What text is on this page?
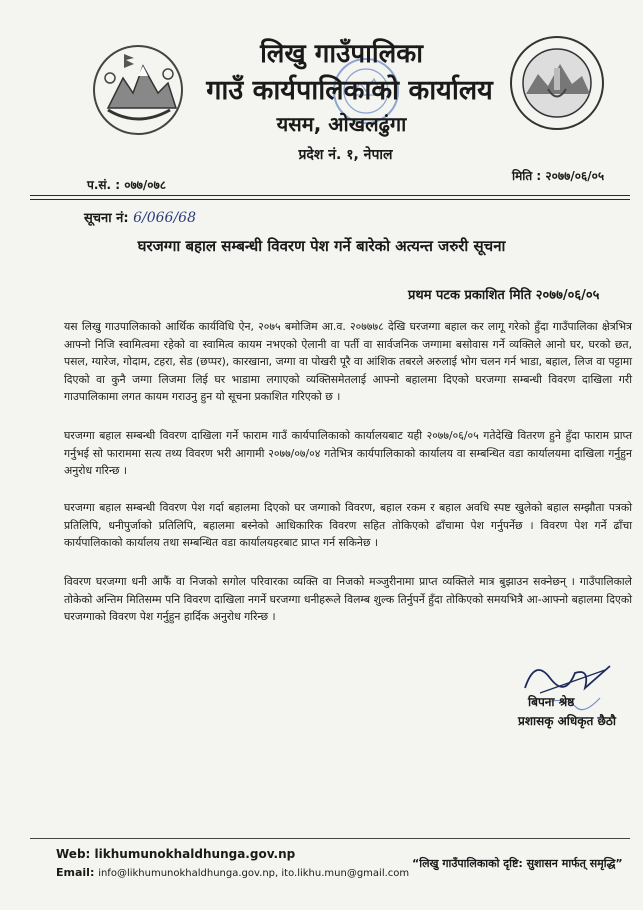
लिखु गाउँपालिका
गाउँ कार्यपालिकाको कार्यालय
यसम, ओखलढुंगा
प्रदेश नं. १, नेपाल
प.सं. : ०७७/०७८
मिति : २०७७/०६/०५
सूचना नं: 6/066/68
घरजग्गा बहाल सम्बन्धी विवरण पेश गर्ने बारेको अत्यन्त जरुरी सूचना
प्रथम पटक प्रकाशित मिति २०७७/०६/०५
यस लिखु गाउपालिकाको आर्थिक कार्यविधि ऐन, २०७५ बमोजिम आ.व. २०७७७८ देखि घरजग्गा बहाल कर लागू गरेको हुँदा गाउँपालिका क्षेत्रभित्र आफ्नो निजि स्वामित्वमा रहेको वा स्वामित्व कायम नभएको ऐलानी वा पर्ती वा सार्वजनिक जग्गामा बसोवास गर्ने व्यक्तिले आनो घर, घरको छत, पसल, ग्यारेज, गोदाम, टहरा, सेड (छप्पर), कारखाना, जग्गा वा पोखरी पूरै वा आंशिक तबरले अरुलाई भोग चलन गर्न भाडा, बहाल, लिज वा पट्टामा दिएको वा कुनै जग्गा लिजमा लिई घर भाडामा लगाएको व्यक्तिसमेतलाई आफ्नो बहालमा दिएको घरजग्गा सम्बन्धी विवरण दाखिला गरी गाउपालिकामा लगत कायम गराउनु हुन यो सूचना प्रकाशित गरिएको छ ।
घरजग्गा बहाल सम्बन्धी विवरण दाखिला गर्ने फाराम गाउँ कार्यपालिकाको कार्यालयबाट यही २०७७/०६/०५ गतेदेखि वितरण हुने हुँदा फाराम प्राप्त गर्नुभई सो फाराममा सत्य तथ्य विवरण भरी आगामी २०७७/०७/०४ गतेभित्र कार्यपालिकाको कार्यालय वा सम्बन्धित वडा कार्यालयमा दाखिला गर्नुहुन अनुरोध गरिन्छ ।
घरजग्गा बहाल सम्बन्धी विवरण पेश गर्दा बहालमा दिएको घर जग्गाको विवरण, बहाल रकम र बहाल अवधि स्पष्ट खुलेको बहाल सम्झौता पत्रको प्रतिलिपि, धनीपुर्जाको प्रतिलिपि, बहालमा बस्नेको आधिकारिक विवरण सहित तोकिएको ढाँचामा पेश गर्नुपर्नेछ । विवरण पेश गर्ने ढाँचा कार्यपालिकाको कार्यालय तथा सम्बन्धित वडा कार्यालयहरबाट प्राप्त गर्न सकिनेछ ।
विवरण घरजग्गा धनी आफैं वा निजको सगोल परिवारका व्यक्ति वा निजको मञ्जुरीनामा प्राप्त व्यक्तिले मात्र बुझाउन सक्नेछन् । गाउँपालिकाले तोकेको अन्तिम मितिसम्म पनि विवरण दाखिला नगर्ने घरजग्गा धनीहरूले विलम्ब शुल्क तिर्नुपर्ने हुँदा तोकिएको समयभित्रै आ-आफ्नो बहालमा दिएको घरजग्गाको विवरण पेश गर्नुहुन हार्दिक अनुरोध गरिन्छ ।
बिपना श्रेष्ठ
प्रशासकृ अधिकृत छैठौ
Web: likhumunokhaldhunga.gov.np
Email: info@likhumunokhaldhunga.gov.np, ito.likhu.mun@gmail.com
“लिखु गाउँपालिकाको दृष्टि: सुशासन मार्फत् समृद्धि”
